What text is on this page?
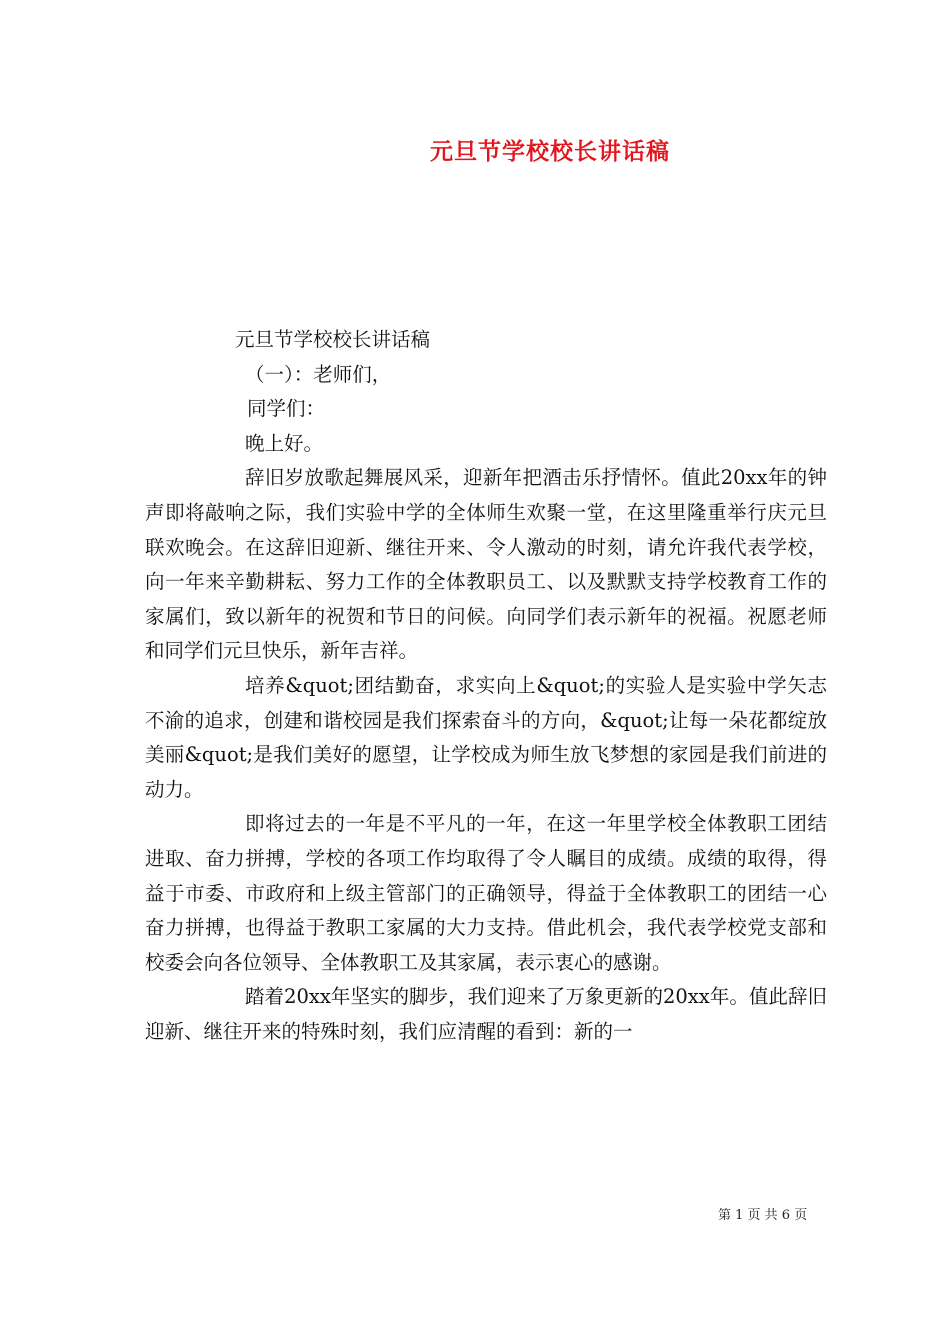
元旦节学校校长讲话稿
元旦节学校校长讲话稿
（一）：老师们，
同学们：
晚上好。

辞旧岁放歌起舞展风采，迎新年把酒击乐抒情怀。值此20xx年的钟声即将敲响之际，我们实验中学的全体师生欢聚一堂，在这里隆重举行庆元旦联欢晚会。在这辞旧迎新、继往开来、令人激动的时刻，请允许我代表学校，向一年来辛勤耕耘、努力工作的全体教职员工、以及默默支持学校教育工作的家属们，致以新年的祝贺和节日的问候。向同学们表示新年的祝福。祝愿老师和同学们元旦快乐，新年吉祥。

培养&quot;团结勤奋，求实向上&quot;的实验人是实验中学矢志不渝的追求，创建和谐校园是我们探索奋斗的方向，&quot;让每一朵花都绽放美丽&quot;是我们美好的愿望，让学校成为师生放飞梦想的家园是我们前进的动力。

即将过去的一年是不平凡的一年，在这一年里学校全体教职工团结进取、奋力拼搏，学校的各项工作均取得了令人瞩目的成绩。成绩的取得，得益于市委、市政府和上级主管部门的正确领导，得益于全体教职工的团结一心奋力拼搏，也得益于教职工家属的大力支持。借此机会，我代表学校党支部和校委会向各位领导、全体教职工及其家属，表示衷心的感谢。

踏着20xx年坚实的脚步，我们迎来了万象更新的20xx年。值此辞旧迎新、继往开来的特殊时刻，我们应清醒的看到：新的一

第 1 页 共 6 页
